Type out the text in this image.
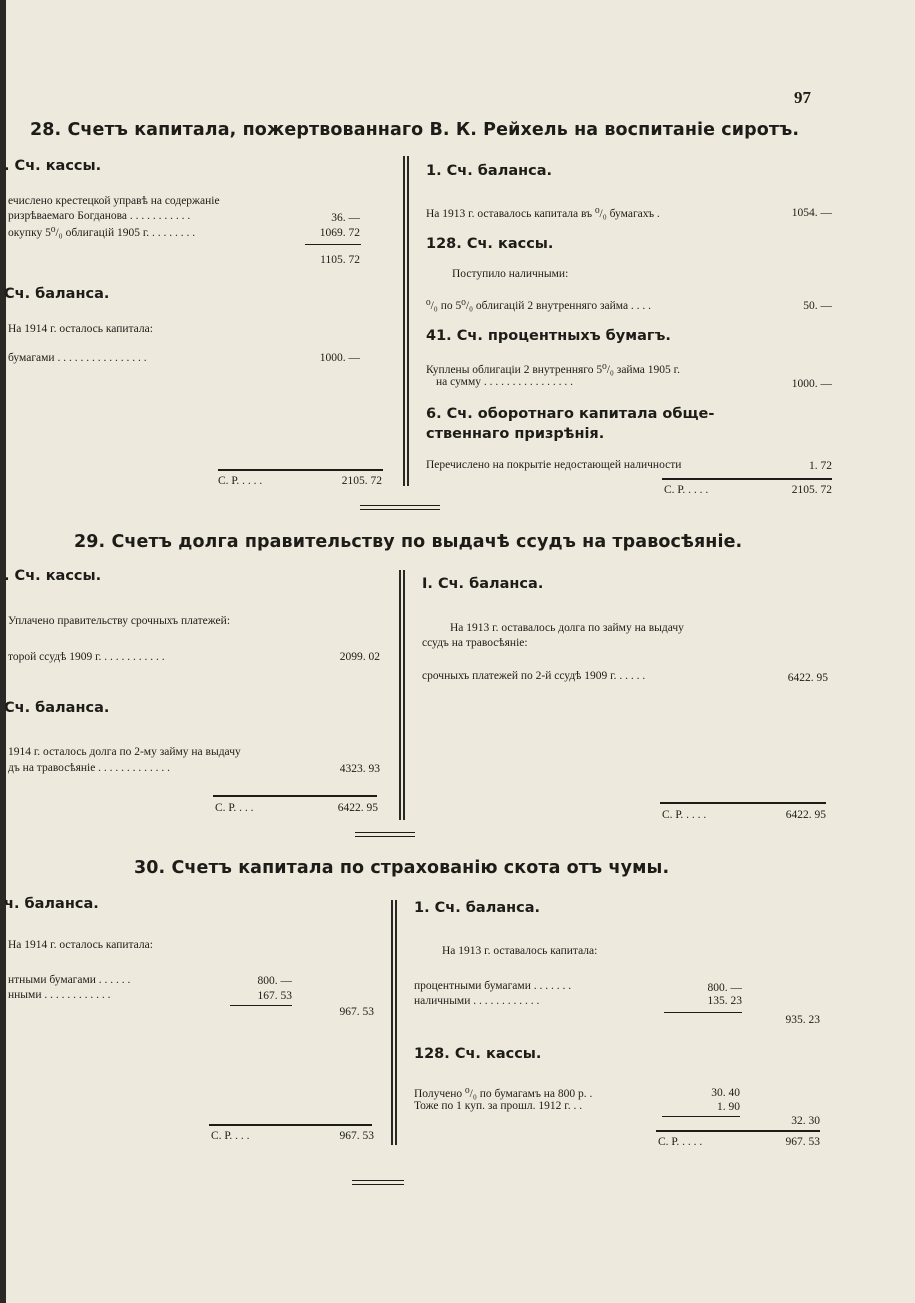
97
28. Счетъ капитала, пожертвованнаго В. К. Рейхель на воспитаніе сиротъ.
. Сч. кассы.
ечислено крестецкой управѣ на содержаніе
ризрѣваемаго Богданова . . . . . . . . . . .	36. —
окупку 5⁰/₀ облигацій 1905 г. . . . . . . . .	1069. 72
1105. 72
Сч. баланса.
На 1914 г. осталось капитала:
бумагами . . . . . . . . . . . . . . . .	1000. —
С. Р. . . . .	2105. 72
1. Сч. баланса.
На 1913 г. оставалось капитала въ ⁰/₀ бумагахъ .	1054. —
128. Сч. кассы.
Поступило наличными:
⁰/₀ по 5⁰/₀ облигацій 2 внутренняго займа . . . .	50. —
41. Сч. процентныхъ бумагъ.
Куплены облигаціи 2 внутренняго 5⁰/₀ займа 1905 г.
на сумму . . . . . . . . . . . . . . . .	1000. —
6. Сч. оборотнаго капитала обще-ственнаго призрѣнія.
Перечислено на покрытіе недостающей наличности	1. 72
С. Р. . . . .	2105. 72
29. Счетъ долга правительству по выдачѣ ссудъ на травосѣяніе.
. Сч. кассы.
Уплачено правительству срочныхъ платежей:
торой ссудѣ 1909 г. . . . . . . . . . . .	2099. 02
Сч. баланса.
1914 г. осталось долга по 2-му займу на выдачу
дъ на травосѣяніе . . . . . . . . . . . . .	4323. 93
С. Р. . . .	6422. 95
I. Сч. баланса.
На 1913 г. оставалось долга по займу на выдачу
ссудъ на травосѣяніе:
срочныхъ платежей по 2-й ссудѣ 1909 г. . . . . .	6422. 95
С. Р. . . . .	6422. 95
30. Счетъ капитала по страхованію скота отъ чумы.
ч. баланса.
На 1914 г. осталось капитала:
нтными бумагами . . . . . .	800. —
нными . . . . . . . . . . . .	167. 53
967. 53
С. Р. . . .	967. 53
1. Сч. баланса.
На 1913 г. оставалось капитала:
процентными бумагами . . . . . . .	800. —
наличными . . . . . . . . . . . .	135. 23
935. 23
128. Сч. кассы.
Получено ⁰/₀ по бумагамъ на 800 р. .	30. 40
Тоже по 1 куп. за прошл. 1912 г. . .	1. 90
32. 30
С. Р. . . . .	967. 53
